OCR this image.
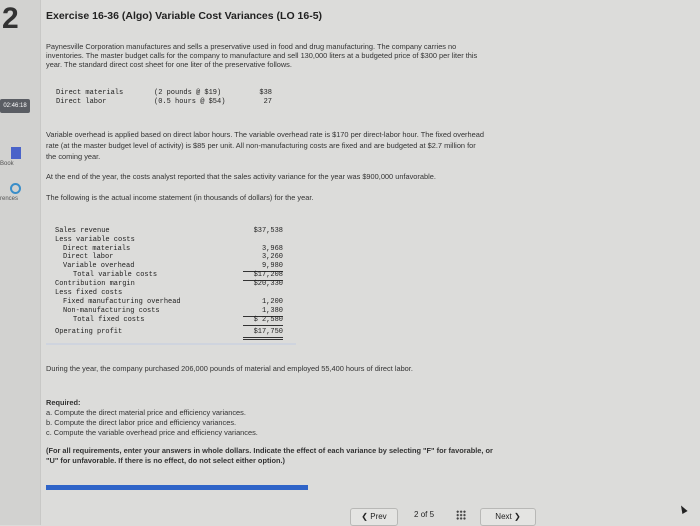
2
02:46:18
Book
rences
Exercise 16-36 (Algo) Variable Cost Variances (LO 16-5)
Paynesville Corporation manufactures and sells a preservative used in food and drug manufacturing. The company carries no
inventories. The master budget calls for the company to manufacture and sell 130,000 liters at a budgeted price of $300 per liter this
year. The standard direct cost sheet for one liter of the preservative follows.
Direct materials	(2 pounds @ $19)	$38
Direct labor	(0.5 hours @ $54)	27
Variable overhead is applied based on direct labor hours. The variable overhead rate is $170 per direct-labor hour. The fixed overhead
rate (at the master budget level of activity) is $85 per unit. All non-manufacturing costs are fixed and are budgeted at $2.7 million for
the coming year.
At the end of the year, the costs analyst reported that the sales activity variance for the year was $900,000 unfavorable.
The following is the actual income statement (in thousands of dollars) for the year.
Sales revenue	$37,538
Less variable costs
Direct materials	3,968
Direct labor	3,260
Variable overhead	9,980
Total variable costs	$17,208
Contribution margin	$20,330
Less fixed costs
Fixed manufacturing overhead	1,200
Non-manufacturing costs	1,380
Total fixed costs	$ 2,580
Operating profit	$17,750
During the year, the company purchased 206,000 pounds of material and employed 55,400 hours of direct labor.
Required:
a. Compute the direct material price and efficiency variances.
b. Compute the direct labor price and efficiency variances.
c. Compute the variable overhead price and efficiency variances.
(For all requirements, enter your answers in whole dollars. Indicate the effect of each variance by selecting "F" for favorable, or
"U" for unfavorable. If there is no effect, do not select either option.)
❮ Prev	2 of 5	Next ❯
